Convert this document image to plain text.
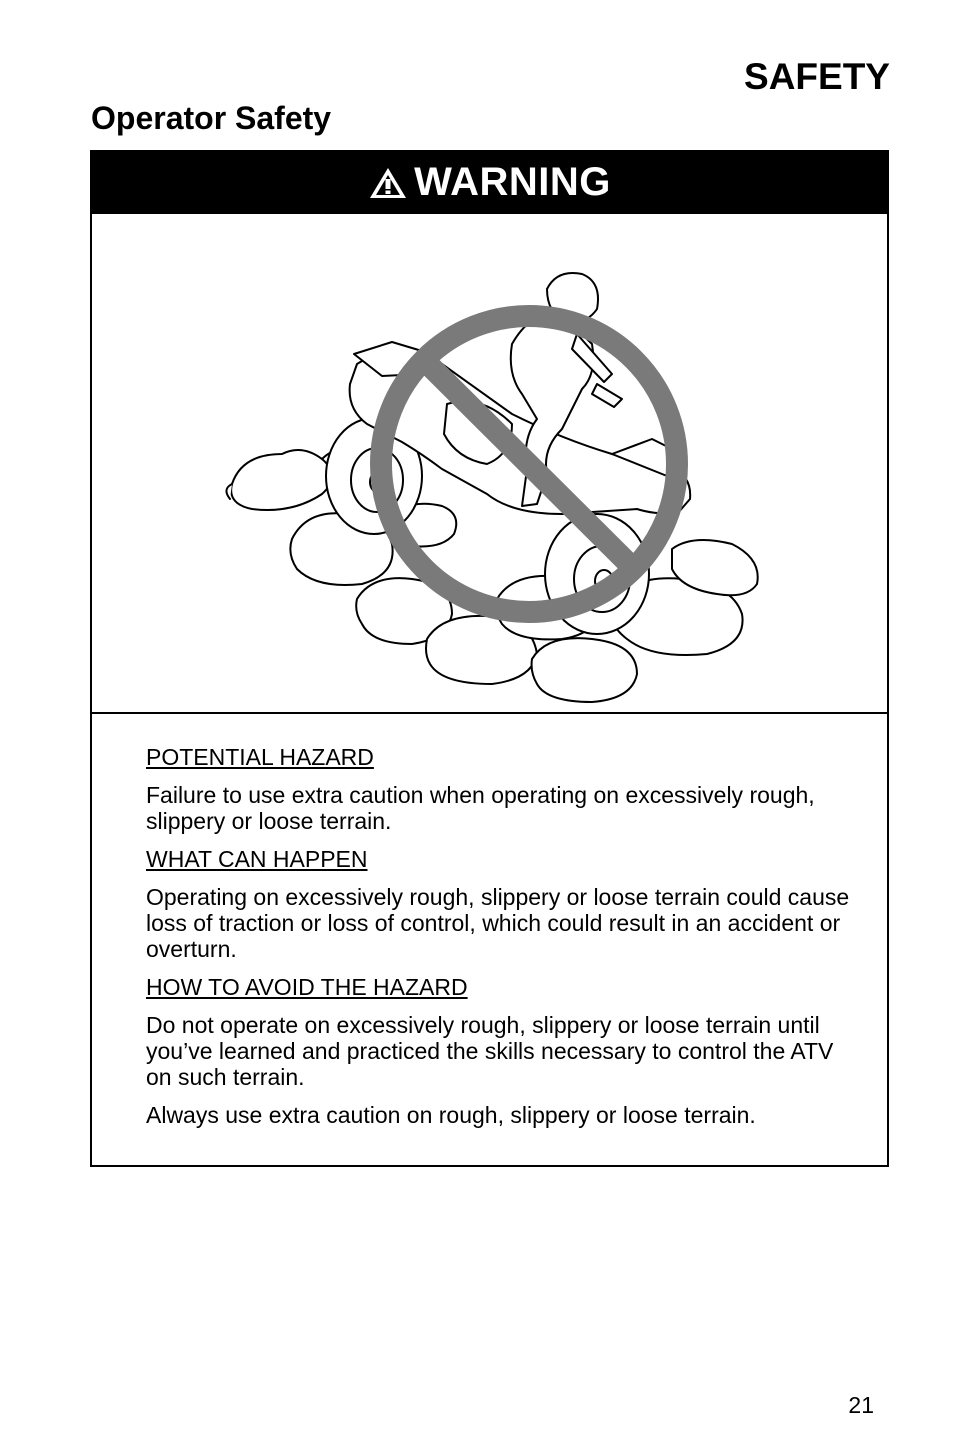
SAFETY
Operator Safety
WARNING

POTENTIAL HAZARD

Failure to use extra caution when operating on excessively rough, slippery or loose terrain.

WHAT CAN HAPPEN

Operating on excessively rough, slippery or loose terrain could cause loss of traction or loss of control, which could result in an accident or overturn.

HOW TO AVOID THE HAZARD

Do not operate on excessively rough, slippery or loose terrain until you’ve learned and practiced the skills necessary to control the ATV on such terrain.

Always use extra caution on rough, slippery or loose terrain.

21
